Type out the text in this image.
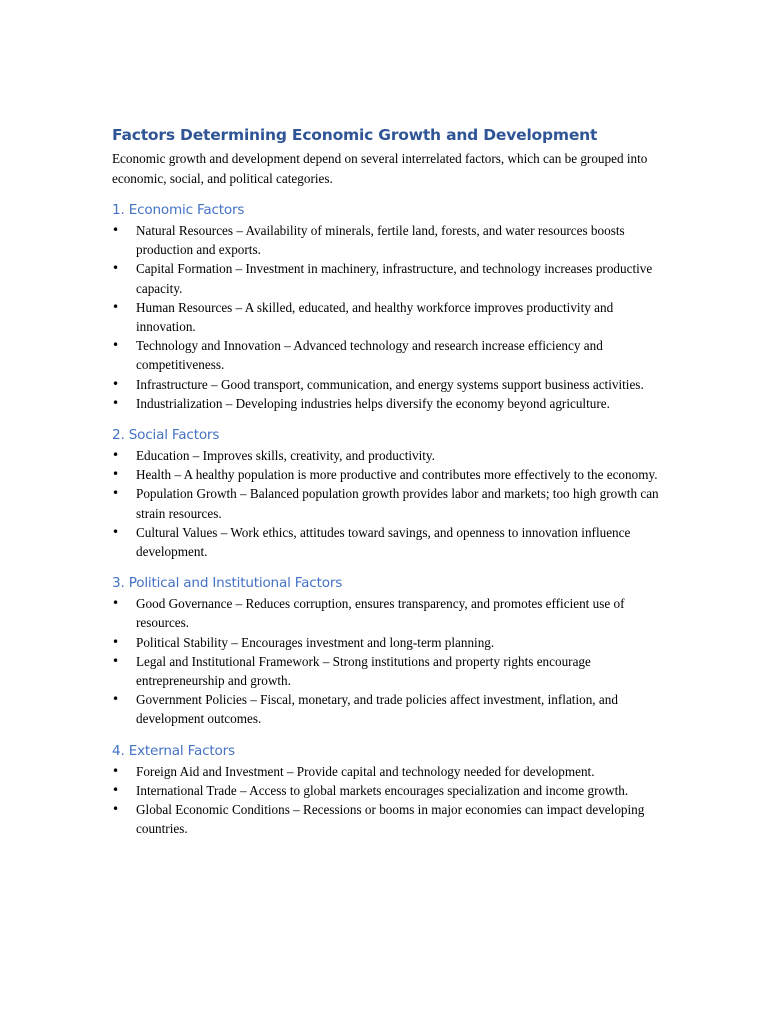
Factors Determining Economic Growth and Development

Economic growth and development depend on several interrelated factors, which can be grouped into economic, social, and political categories.

1. Economic Factors
• Natural Resources – Availability of minerals, fertile land, forests, and water resources boosts production and exports.
• Capital Formation – Investment in machinery, infrastructure, and technology increases productive capacity.
• Human Resources – A skilled, educated, and healthy workforce improves productivity and innovation.
• Technology and Innovation – Advanced technology and research increase efficiency and competitiveness.
• Infrastructure – Good transport, communication, and energy systems support business activities.
• Industrialization – Developing industries helps diversify the economy beyond agriculture.
2. Social Factors
• Education – Improves skills, creativity, and productivity.
• Health – A healthy population is more productive and contributes more effectively to the economy.
• Population Growth – Balanced population growth provides labor and markets; too high growth can strain resources.
• Cultural Values – Work ethics, attitudes toward savings, and openness to innovation influence development.
3. Political and Institutional Factors
• Good Governance – Reduces corruption, ensures transparency, and promotes efficient use of resources.
• Political Stability – Encourages investment and long-term planning.
• Legal and Institutional Framework – Strong institutions and property rights encourage entrepreneurship and growth.
• Government Policies – Fiscal, monetary, and trade policies affect investment, inflation, and development outcomes.
4. External Factors
• Foreign Aid and Investment – Provide capital and technology needed for development.
• International Trade – Access to global markets encourages specialization and income growth.
• Global Economic Conditions – Recessions or booms in major economies can impact developing countries.
